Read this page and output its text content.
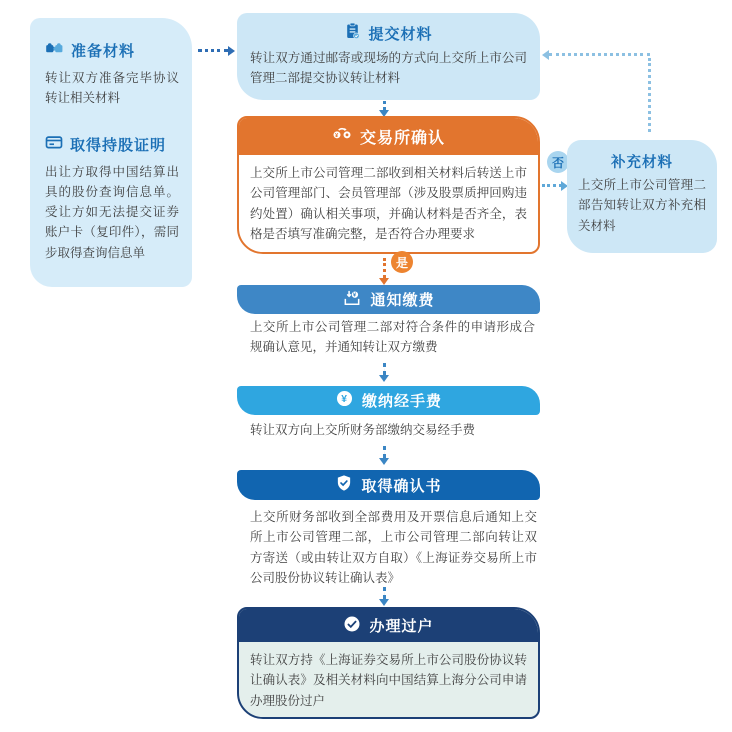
准备材料
转让双方准备完毕协议转让相关材料
取得持股证明
出让方取得中国结算出具的股份查询信息单。受让方如无法提交证券账户卡（复印件），需同步取得查询信息单
提交材料
转让双方通过邮寄或现场的方式向上交所上市公司管理二部提交协议转让材料
¥ 交易所确认
上交所上市公司管理二部收到相关材料后转送上市公司管理部门、会员管理部（涉及股票质押回购违约处置）确认相关事项，并确认材料是否齐全，表格是否填写准确完整，是否符合办理要求
否	补充材料
上交所上市公司管理二部告知转让双方补充相关材料
是
¥ 通知缴费
上交所上市公司管理二部对符合条件的申请形成合规确认意见，并通知转让双方缴费
¥ 缴纳经手费
转让双方向上交所财务部缴纳交易经手费
取得确认书
上交所财务部收到全部费用及开票信息后通知上交所上市公司管理二部，上市公司管理二部向转让双方寄送（或由转让双方自取）《上海证券交易所上市公司股份协议转让确认表》
办理过户
转让双方持《上海证券交易所上市公司股份协议转让确认表》及相关材料向中国结算上海分公司申请办理股份过户
